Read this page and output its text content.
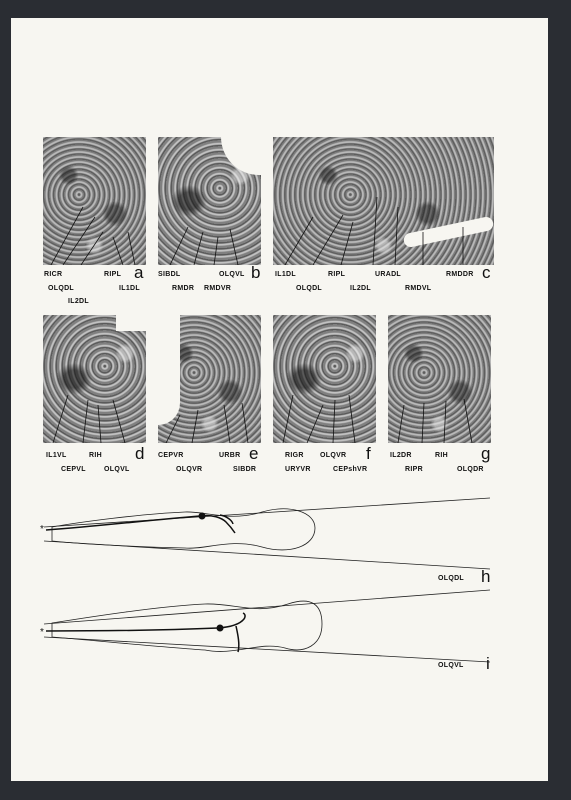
RICR
OLQDL
IL2DL
RIPL
IL1DL
a SIBDL
RMDR RMDVR
OLQVL b IL1DL
OLQDL
RIPL
IL2DL
URADL
RMDVL
RMDDR c
IL1VL
CEPVL
RIH
OLQVL
d CEPVR
OLQVR
URBR
SIBDR
e	RIGR
URYVR
OLQVR
CEPshVR
f	IL2DR
RIPR
RIH
OLQDR
g
*
*
OLQDL h
OLQVL i
